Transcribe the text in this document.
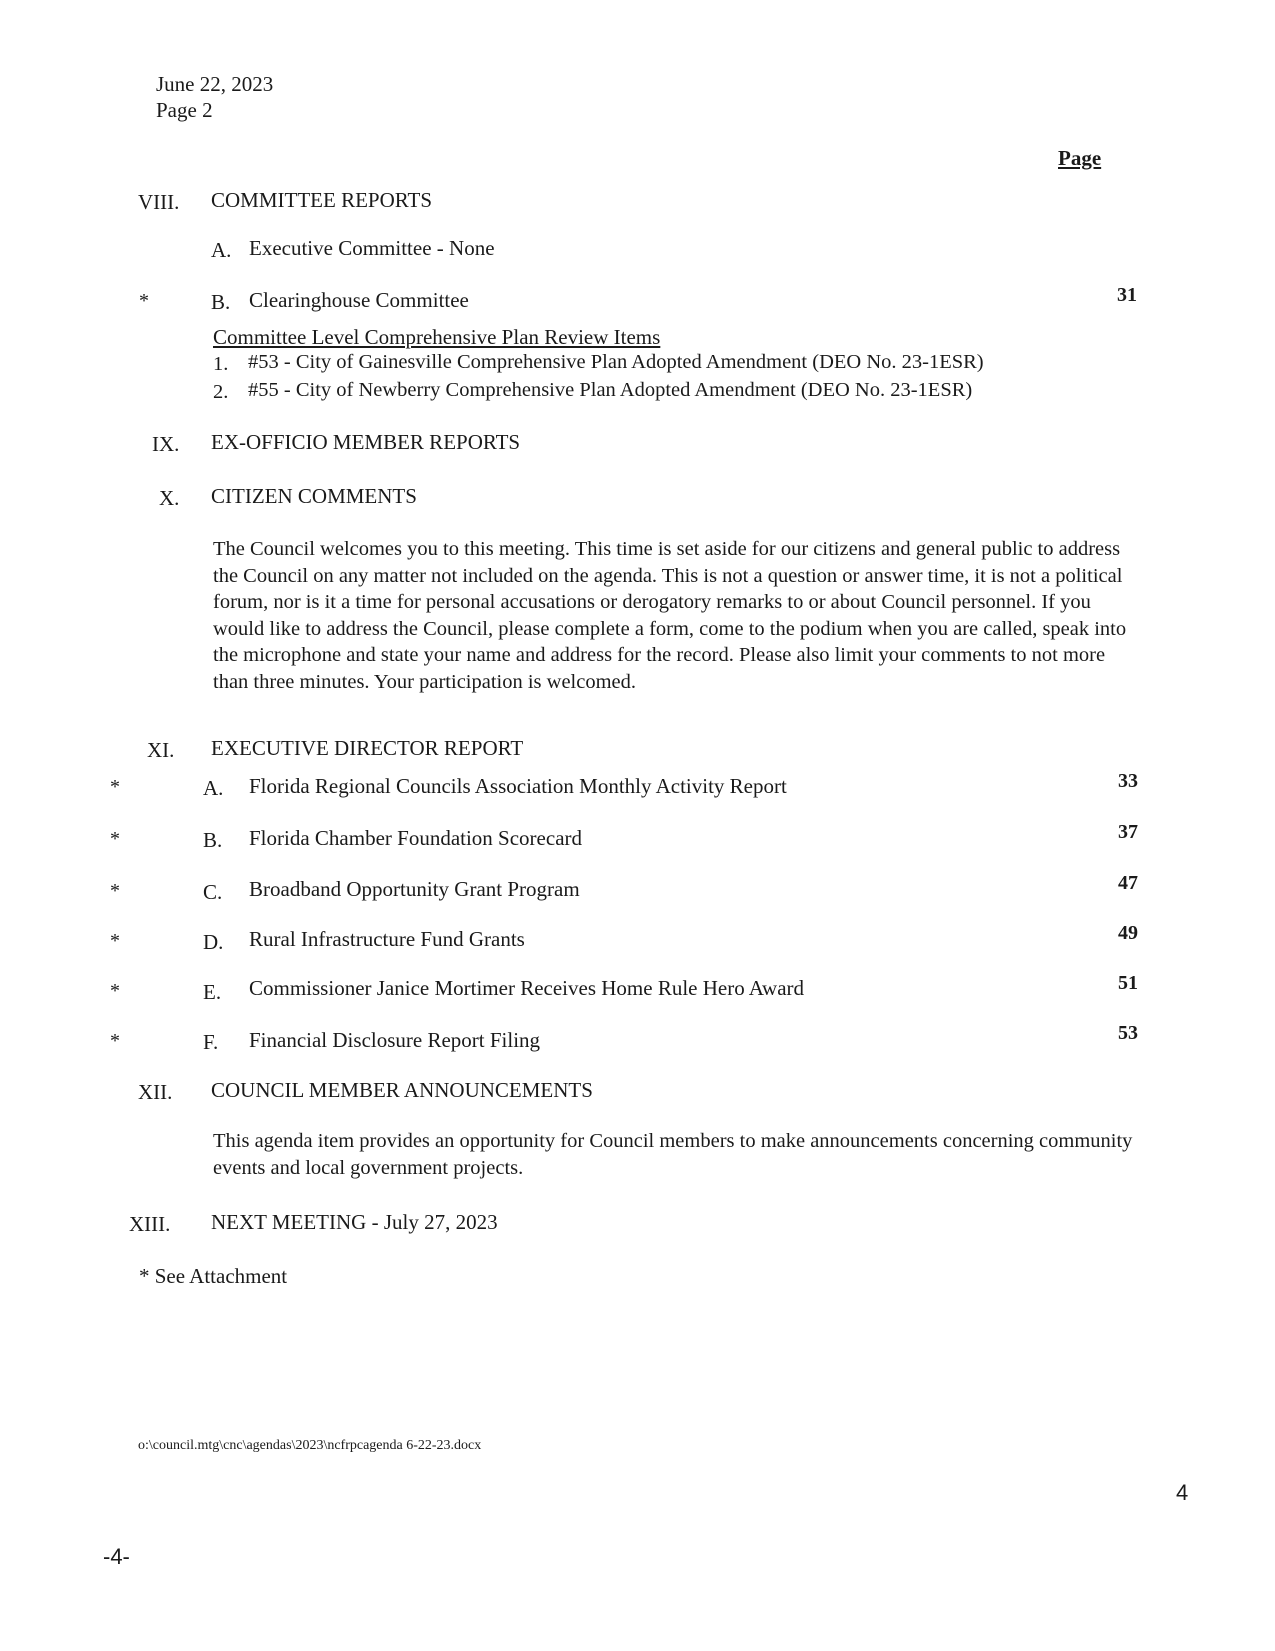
June 22, 2023
Page 2
Page
VIII. COMMITTEE REPORTS
A. Executive Committee - None
*	B. Clearinghouse Committee	31
Committee Level Comprehensive Plan Review Items
1. #53 - City of Gainesville Comprehensive Plan Adopted Amendment (DEO No. 23-1ESR)
2. #55 - City of Newberry Comprehensive Plan Adopted Amendment (DEO No. 23-1ESR)
IX. EX-OFFICIO MEMBER REPORTS
X. CITIZEN COMMENTS
The Council welcomes you to this meeting. This time is set aside for our citizens and general public to address the Council on any matter not included on the agenda. This is not a question or answer time, it is not a political forum, nor is it a time for personal accusations or derogatory remarks to or about Council personnel. If you would like to address the Council, please complete a form, come to the podium when you are called, speak into the microphone and state your name and address for the record. Please also limit your comments to not more than three minutes. Your participation is welcomed.
XI. EXECUTIVE DIRECTOR REPORT
*	A. Florida Regional Councils Association Monthly Activity Report	33
*	B. Florida Chamber Foundation Scorecard	37
*	C. Broadband Opportunity Grant Program	47
*	D. Rural Infrastructure Fund Grants	49
*	E. Commissioner Janice Mortimer Receives Home Rule Hero Award	51
*	F. Financial Disclosure Report Filing	53
XII. COUNCIL MEMBER ANNOUNCEMENTS
This agenda item provides an opportunity for Council members to make announcements concerning community events and local government projects.
XIII. NEXT MEETING - July 27, 2023
* See Attachment
o:\council.mtg\cnc\agendas\2023\ncfrpcagenda 6-22-23.docx
4
-4-
